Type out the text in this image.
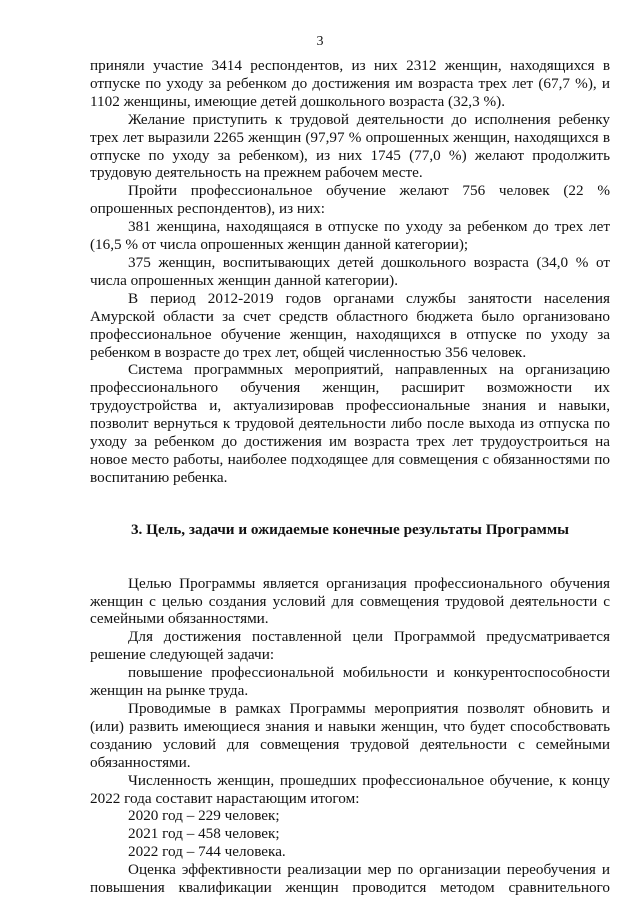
3

приняли участие 3414 респондентов, из них 2312 женщин, находящихся в отпуске по уходу за ребенком до достижения им возраста трех лет (67,7 %), и 1102 женщины, имеющие детей дошкольного возраста (32,3 %).

Желание приступить к трудовой деятельности до исполнения ребенку трех лет выразили 2265 женщин (97,97 % опрошенных женщин, находящихся в отпуске по уходу за ребенком), из них 1745 (77,0 %) желают продолжить трудовую деятельность на прежнем рабочем месте.

Пройти профессиональное обучение желают 756 человек (22 % опрошенных респондентов), из них:

381 женщина, находящаяся в отпуске по уходу за ребенком до трех лет (16,5 % от числа опрошенных женщин данной категории);

375 женщин, воспитывающих детей дошкольного возраста (34,0 % от числа опрошенных женщин данной категории).

В период 2012-2019 годов органами службы занятости населения Амурской области за счет средств областного бюджета было организовано профессиональное обучение женщин, находящихся в отпуске по уходу за ребенком в возрасте до трех лет, общей численностью 356 человек.

Система программных мероприятий, направленных на организацию профессионального обучения женщин, расширит возможности их трудоустройства и, актуализировав профессиональные знания и навыки, позволит вернуться к трудовой деятельности либо после выхода из отпуска по уходу за ребенком до достижения им возраста трех лет трудоустроиться на новое место работы, наиболее подходящее для совмещения с обязанностями по воспитанию ребенка.

3. Цель, задачи и ожидаемые конечные результаты Программы

Целью Программы является организация профессионального обучения женщин с целью создания условий для совмещения трудовой деятельности с семейными обязанностями.

Для достижения поставленной цели Программой предусматривается решение следующей задачи:

повышение профессиональной мобильности и конкурентоспособности женщин на рынке труда.

Проводимые в рамках Программы мероприятия позволят обновить и (или) развить имеющиеся знания и навыки женщин, что будет способствовать созданию условий для совмещения трудовой деятельности с семейными обязанностями.

Численность женщин, прошедших профессиональное обучение, к концу 2022 года составит нарастающим итогом:

2020 год – 229 человек;

2021 год – 458 человек;

2022 год – 744 человека.

Оценка эффективности реализации мер по организации переобучения и повышения квалификации женщин проводится методом сравнительного
